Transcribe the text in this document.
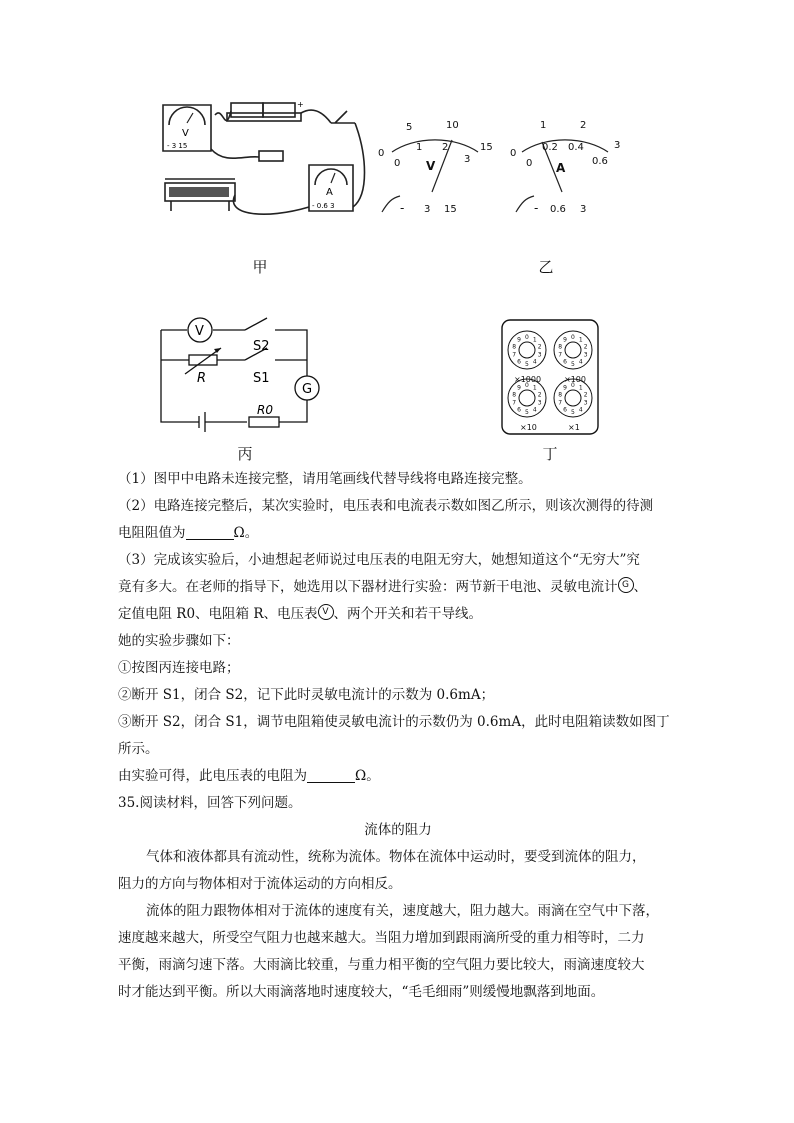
V
- 3 15
A
- 0.6 3
+
甲
0
5	10
15
0
1 2
3
V
- 3 15
0
1	2
3
0
0.2 0.4
0.6
A
- 0.6 3
乙
V
G
S2
S1
R
R0
丙
0 1
2
3
4
5
6
7
8
9	0 1
2
3
4
5
6
7
8
9
0 1
2
3
4
5
6
7
8
9	0 1
2
3
4
5
6
7
8
9
×1000	×100
×10	×1
丁

（1）图甲中电路未连接完整，请用笔画线代替导线将电路连接完整。

（2）电路连接完整后，某次实验时，电压表和电流表示数如图乙所示，则该次测得的待测

电阻阻值为	Ω。

（3）完成该实验后，小迪想起老师说过电压表的电阻无穷大，她想知道这个“无穷大”究

竟有多大。在老师的指导下，她选用以下器材进行实验：两节新干电池、灵敏电流计 G 、

定值电阻 R0、电阻箱 R、电压表 V 、两个开关和若干导线。

她的实验步骤如下：

①按图丙连接电路；

②断开 S1，闭合 S2，记下此时灵敏电流计的示数为 0.6mA；

③断开 S2，闭合 S1，调节电阻箱使灵敏电流计的示数仍为 0.6mA，此时电阻箱读数如图丁

所示。

由实验可得，此电压表的电阻为	Ω。

35.阅读材料，回答下列问题。

流体的阻力

气体和液体都具有流动性，统称为流体。物体在流体中运动时，要受到流体的阻力，

阻力的方向与物体相对于流体运动的方向相反。

流体的阻力跟物体相对于流体的速度有关，速度越大，阻力越大。雨滴在空气中下落，

速度越来越大，所受空气阻力也越来越大。当阻力增加到跟雨滴所受的重力相等时，二力

平衡，雨滴匀速下落。大雨滴比较重，与重力相平衡的空气阻力要比较大，雨滴速度较大

时才能达到平衡。所以大雨滴落地时速度较大，“毛毛细雨”则缓慢地飘落到地面。
